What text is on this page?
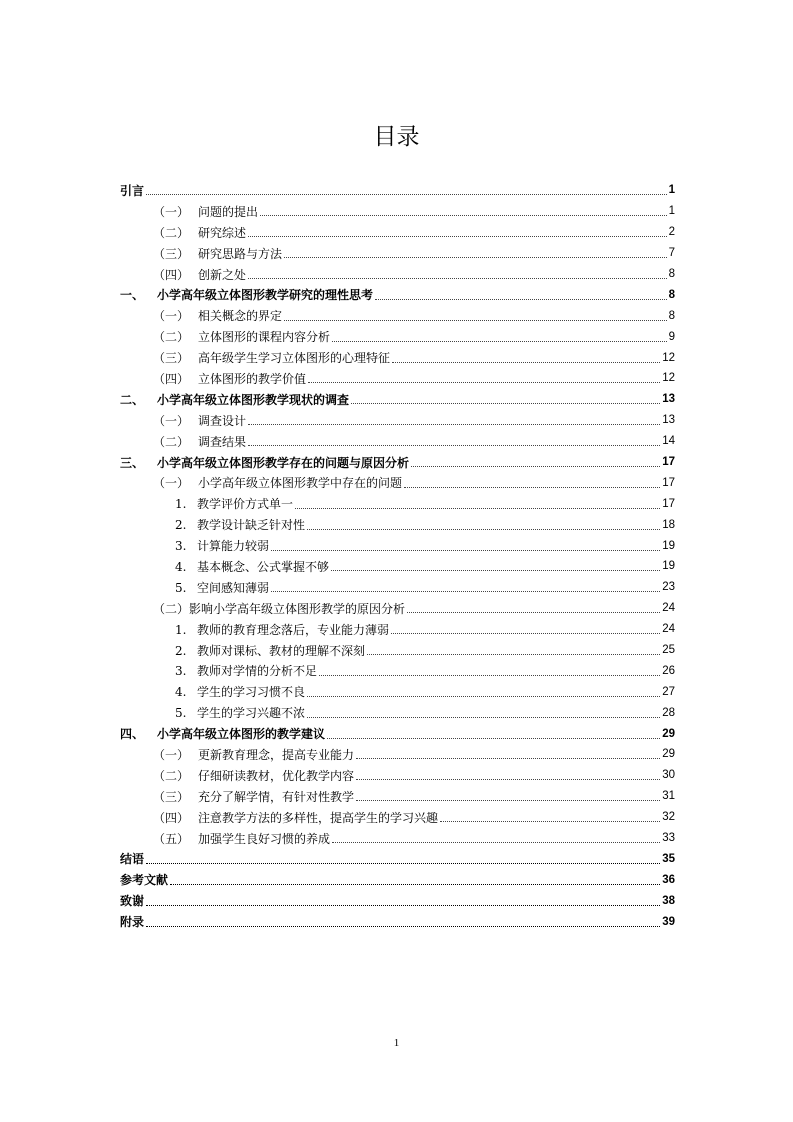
目录
引言	1
（一） 问题的提出	1
（二） 研究综述	2
（三） 研究思路与方法	7
（四） 创新之处	8
一、 小学高年级立体图形教学研究的理性思考	8
（一） 相关概念的界定	8
（二） 立体图形的课程内容分析	9
（三） 高年级学生学习立体图形的心理特征	12
（四） 立体图形的教学价值	12
二、 小学高年级立体图形教学现状的调查	13
（一） 调查设计	13
（二） 调查结果	14
三、 小学高年级立体图形教学存在的问题与原因分析	17
（一） 小学高年级立体图形教学中存在的问题	17
1. 教学评价方式单一	17
2. 教学设计缺乏针对性	18
3. 计算能力较弱	19
4. 基本概念、公式掌握不够	19
5. 空间感知薄弱	23
（二）影响小学高年级立体图形教学的原因分析	24
1. 教师的教育理念落后，专业能力薄弱	24
2. 教师对课标、教材的理解不深刻	25
3. 教师对学情的分析不足	26
4. 学生的学习习惯不良	27
5. 学生的学习兴趣不浓	28
四、 小学高年级立体图形的教学建议	29
（一） 更新教育理念，提高专业能力	29
（二） 仔细研读教材，优化教学内容	30
（三） 充分了解学情，有针对性教学	31
（四） 注意教学方法的多样性，提高学生的学习兴趣	32
（五） 加强学生良好习惯的养成	33
结语	35
参考文献	36
致谢	38
附录	39
1
